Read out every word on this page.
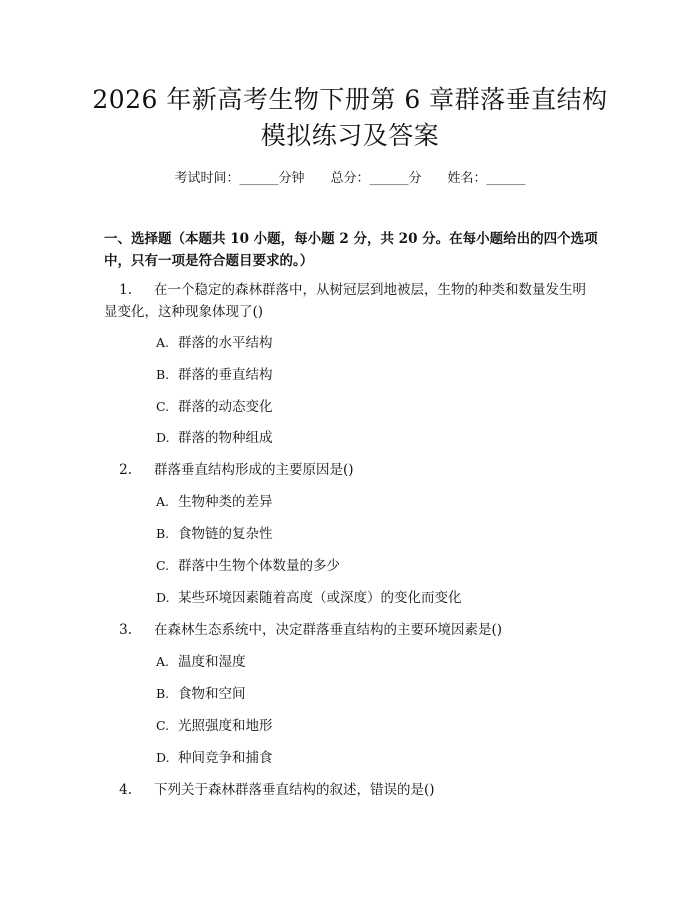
2026 年新高考生物下册第 6 章群落垂直结构
模拟练习及答案
考试时间：______分钟 总分：______分 姓名：______
一、选择题（本题共 10 小题，每小题 2 分，共 20 分。在每小题给出的四个选项中，只有一项是符合题目要求的。）
1. 在一个稳定的森林群落中，从树冠层到地被层，生物的种类和数量发生明
显变化，这种现象体现了()
A. 群落的水平结构
B. 群落的垂直结构
C. 群落的动态变化
D. 群落的物种组成
2. 群落垂直结构形成的主要原因是()
A. 生物种类的差异
B. 食物链的复杂性
C. 群落中生物个体数量的多少
D. 某些环境因素随着高度（或深度）的变化而变化
3. 在森林生态系统中，决定群落垂直结构的主要环境因素是()
A. 温度和湿度
B. 食物和空间
C. 光照强度和地形
D. 种间竞争和捕食
4. 下列关于森林群落垂直结构的叙述，错误的是()
